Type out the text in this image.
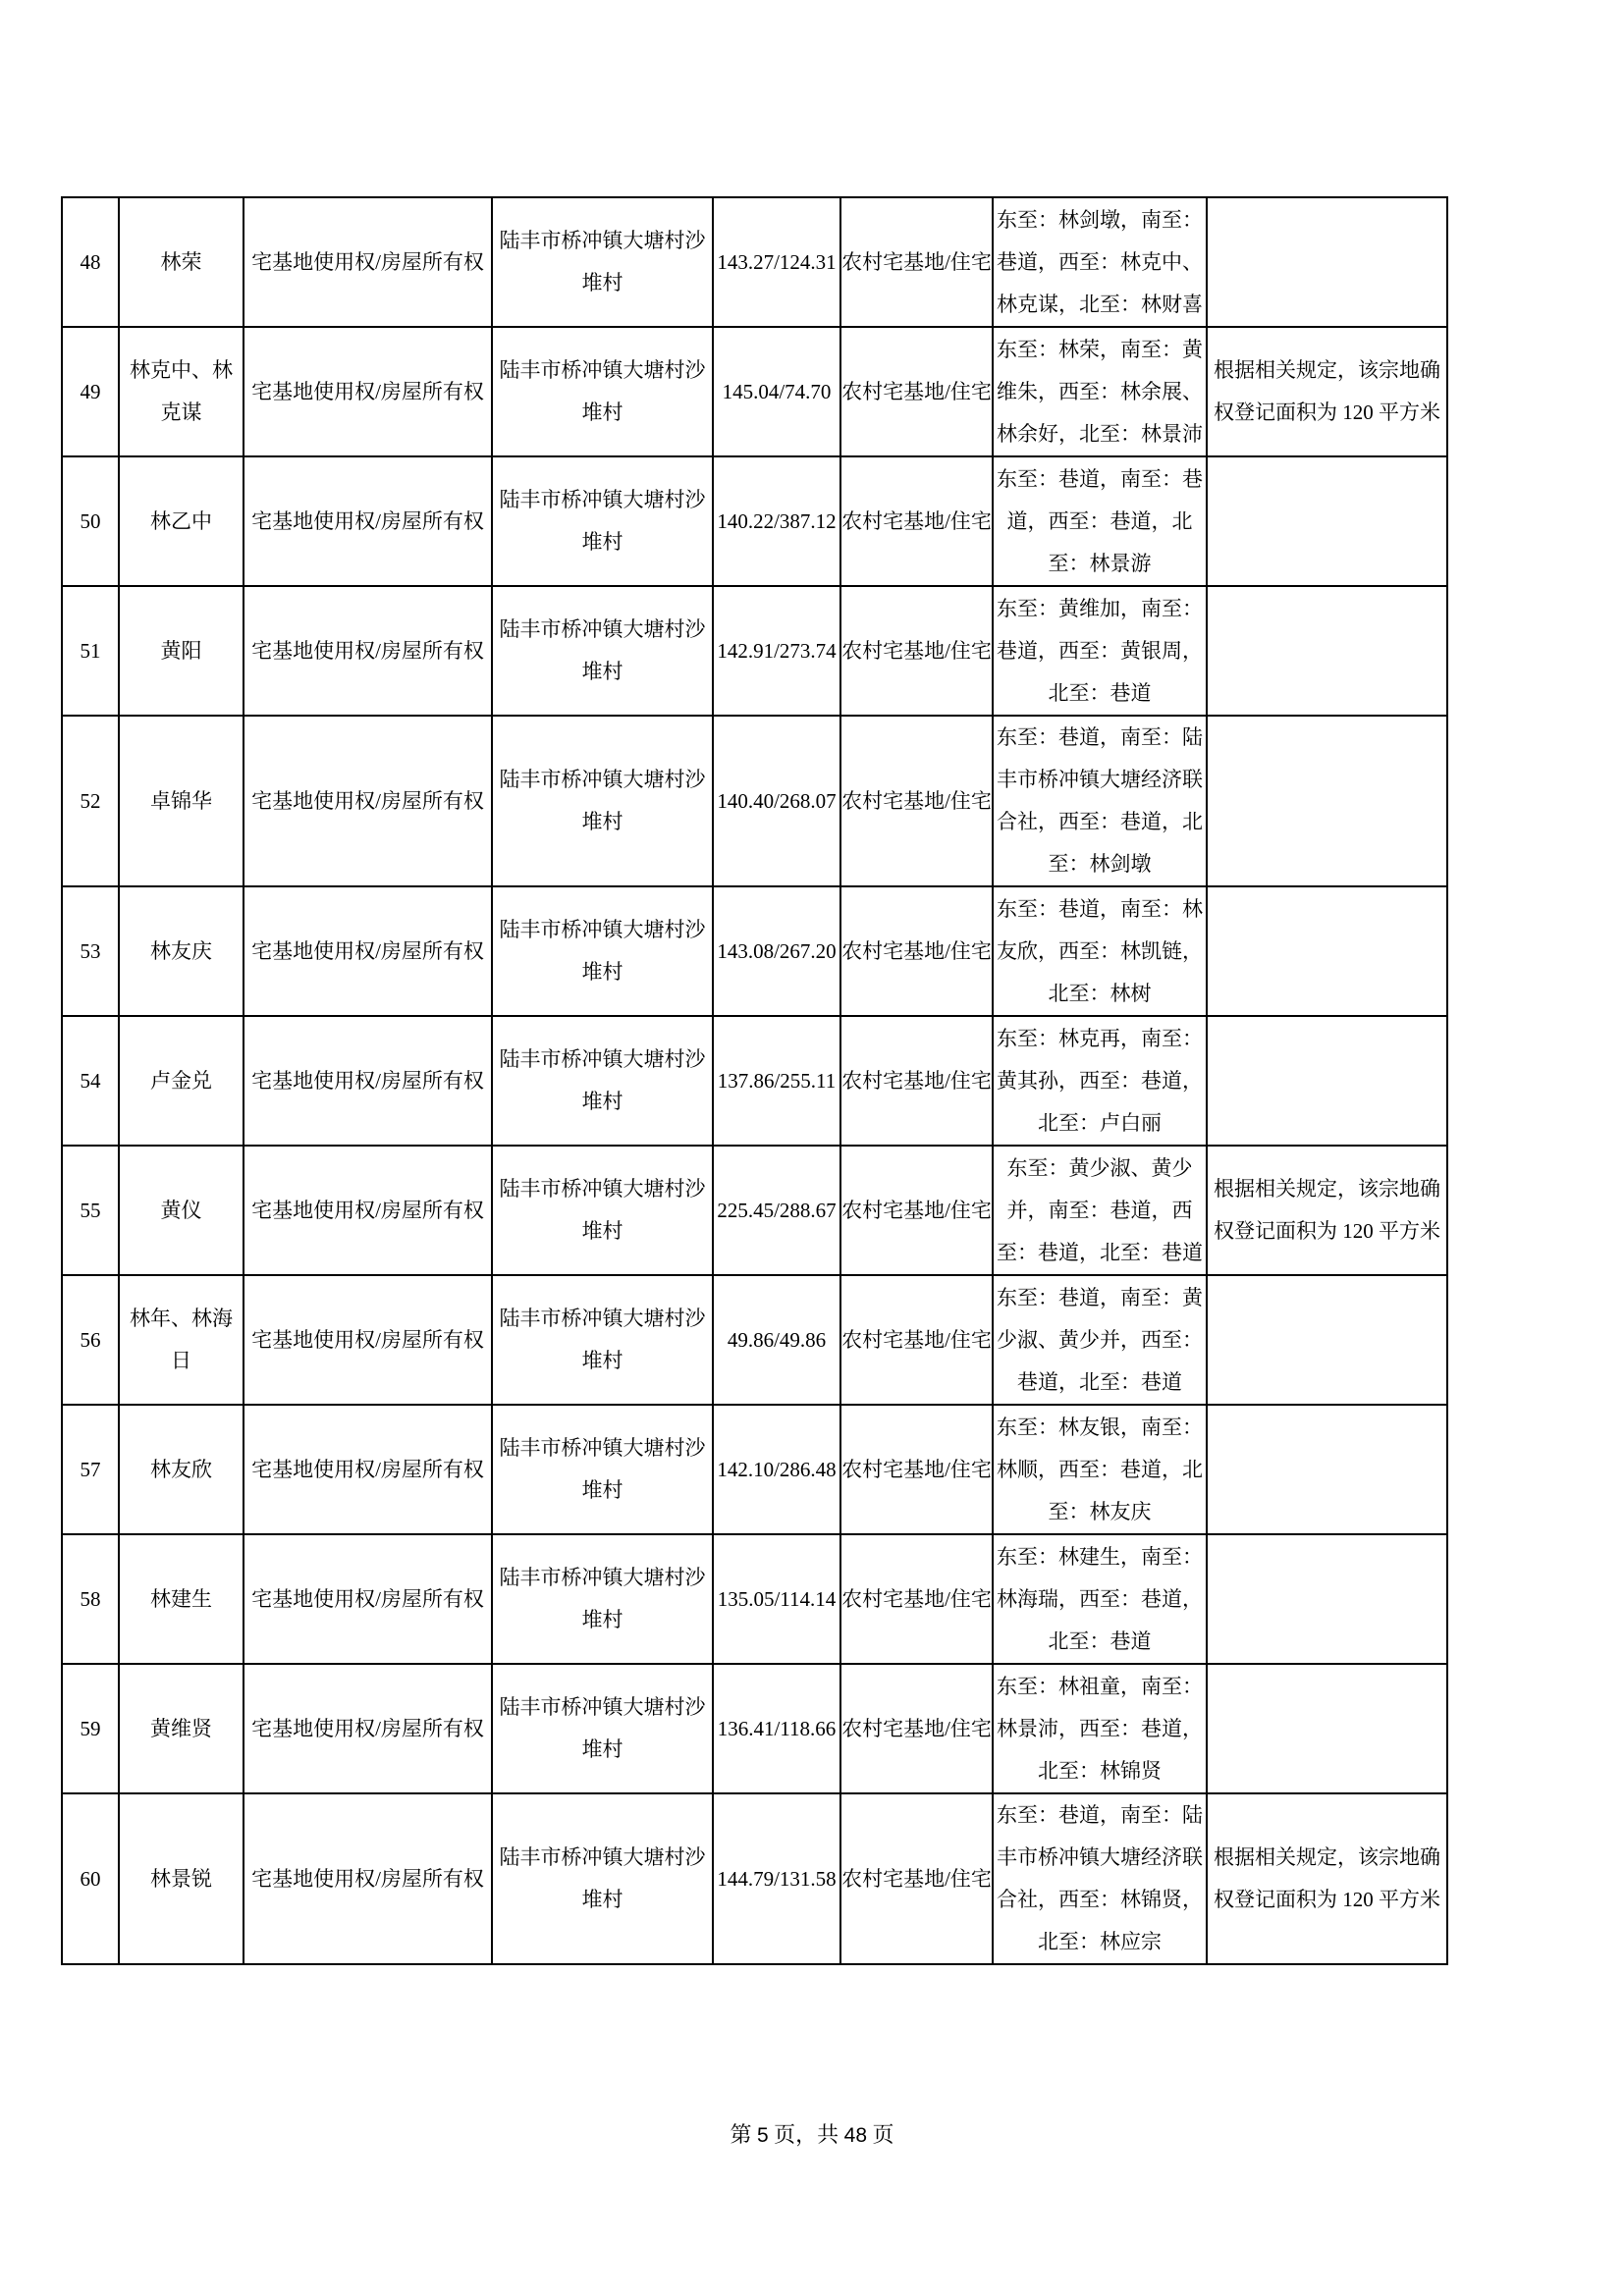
48	林荣	宅基地使用权/房屋所有权	陆丰市桥冲镇大塘村沙堆村	143.27/124.31	农村宅基地/住宅	东至：林剑墩，南至：巷道，西至：林克中、林克谋，北至：林财喜	
49	林克中、林克谋	宅基地使用权/房屋所有权	陆丰市桥冲镇大塘村沙堆村	145.04/74.70	农村宅基地/住宅	东至：林荣，南至：黄维朱，西至：林余展、林余好，北至：林景沛	根据相关规定，该宗地确权登记面积为 120 平方米
50	林乙中	宅基地使用权/房屋所有权	陆丰市桥冲镇大塘村沙堆村	140.22/387.12	农村宅基地/住宅	东至：巷道，南至：巷道，西至：巷道，北至：林景游	
51	黄阳	宅基地使用权/房屋所有权	陆丰市桥冲镇大塘村沙堆村	142.91/273.74	农村宅基地/住宅	东至：黄维加，南至：巷道，西至：黄银周，北至：巷道	
52	卓锦华	宅基地使用权/房屋所有权	陆丰市桥冲镇大塘村沙堆村	140.40/268.07	农村宅基地/住宅	东至：巷道，南至：陆丰市桥冲镇大塘经济联合社，西至：巷道，北至：林剑墩	
53	林友庆	宅基地使用权/房屋所有权	陆丰市桥冲镇大塘村沙堆村	143.08/267.20	农村宅基地/住宅	东至：巷道，南至：林友欣，西至：林凯链，北至：林树	
54	卢金兑	宅基地使用权/房屋所有权	陆丰市桥冲镇大塘村沙堆村	137.86/255.11	农村宅基地/住宅	东至：林克再，南至：黄其孙，西至：巷道，北至：卢白丽	
55	黄仪	宅基地使用权/房屋所有权	陆丰市桥冲镇大塘村沙堆村	225.45/288.67	农村宅基地/住宅	东至：黄少淑、黄少并，南至：巷道，西至：巷道，北至：巷道	根据相关规定，该宗地确权登记面积为 120 平方米
56	林年、林海日	宅基地使用权/房屋所有权	陆丰市桥冲镇大塘村沙堆村	49.86/49.86	农村宅基地/住宅	东至：巷道，南至：黄少淑、黄少并，西至：巷道，北至：巷道	
57	林友欣	宅基地使用权/房屋所有权	陆丰市桥冲镇大塘村沙堆村	142.10/286.48	农村宅基地/住宅	东至：林友银，南至：林顺，西至：巷道，北至：林友庆	
58	林建生	宅基地使用权/房屋所有权	陆丰市桥冲镇大塘村沙堆村	135.05/114.14	农村宅基地/住宅	东至：林建生，南至：林海瑞，西至：巷道，北至：巷道	
59	黄维贤	宅基地使用权/房屋所有权	陆丰市桥冲镇大塘村沙堆村	136.41/118.66	农村宅基地/住宅	东至：林祖童，南至：林景沛，西至：巷道，北至：林锦贤	
60	林景锐	宅基地使用权/房屋所有权	陆丰市桥冲镇大塘村沙堆村	144.79/131.58	农村宅基地/住宅	东至：巷道，南至：陆丰市桥冲镇大塘经济联合社，西至：林锦贤，北至：林应宗	根据相关规定，该宗地确权登记面积为 120 平方米
第 5 页，共 48 页
